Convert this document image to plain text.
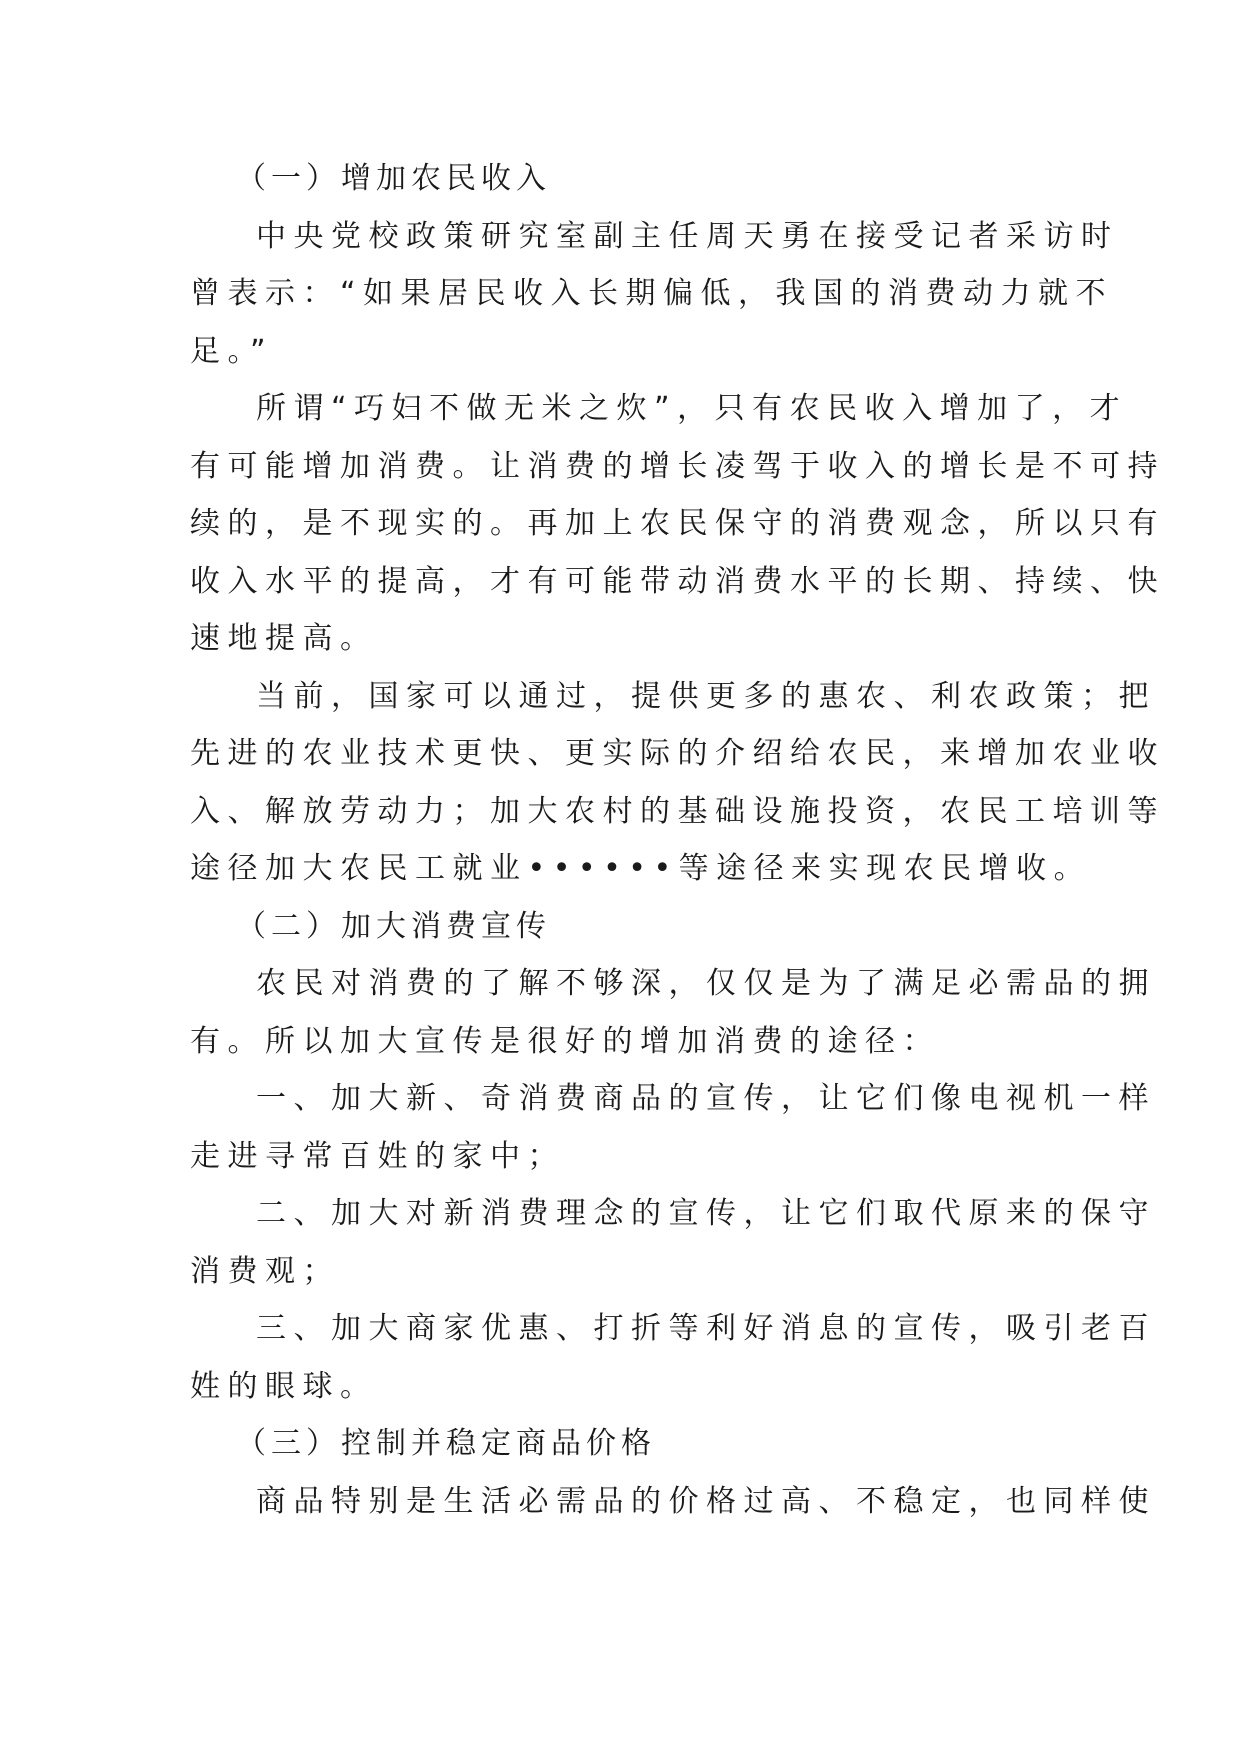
（一）增加农民收入
中央党校政策研究室副主任周天勇在接受记者采访时
曾表示：“如果居民收入长期偏低，我国的消费动力就不
足。”
所谓“巧妇不做无米之炊”，只有农民收入增加了，才
有可能增加消费。让消费的增长凌驾于收入的增长是不可持
续的，是不现实的。再加上农民保守的消费观念，所以只有
收入水平的提高，才有可能带动消费水平的长期、持续、快
速地提高。
当前，国家可以通过，提供更多的惠农、利农政策；把
先进的农业技术更快、更实际的介绍给农民，来增加农业收
入、解放劳动力；加大农村的基础设施投资，农民工培训等
途径加大农民工就业••••••等途径来实现农民增收。
（二）加大消费宣传
农民对消费的了解不够深，仅仅是为了满足必需品的拥
有。所以加大宣传是很好的增加消费的途径：
一、加大新、奇消费商品的宣传，让它们像电视机一样
走进寻常百姓的家中；
二、加大对新消费理念的宣传，让它们取代原来的保守
消费观；
三、加大商家优惠、打折等利好消息的宣传，吸引老百
姓的眼球。
（三）控制并稳定商品价格
商品特别是生活必需品的价格过高、不稳定，也同样使
